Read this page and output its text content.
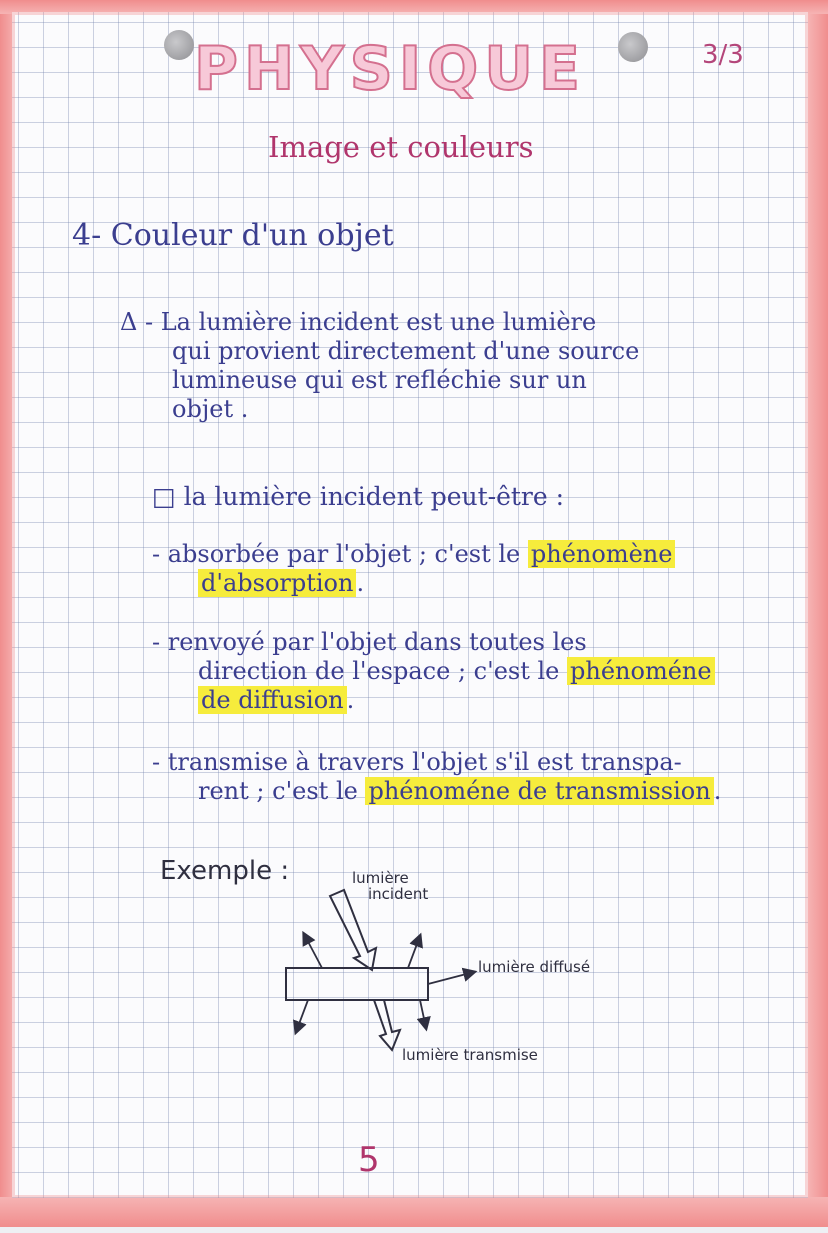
PHYSIQUE	3/3
Image et couleurs
4- Couleur d'un objet
Δ - La lumière incident est une lumière
qui provient directement d'une source
lumineuse qui est refléchie sur un
objet .
□ la lumière incident peut-être :
- absorbée par l'objet ; c'est le phénomène
d'absorption .
- renvoyé par l'objet dans toutes les
direction de l'espace ; c'est le phénoméne
de diffusion .
- transmise à travers l'objet s'il est transpa-
rent ; c'est le phénoméne de transmission .
Exemple :	lumière
incident
lumière diffusé
lumière transmise
5
